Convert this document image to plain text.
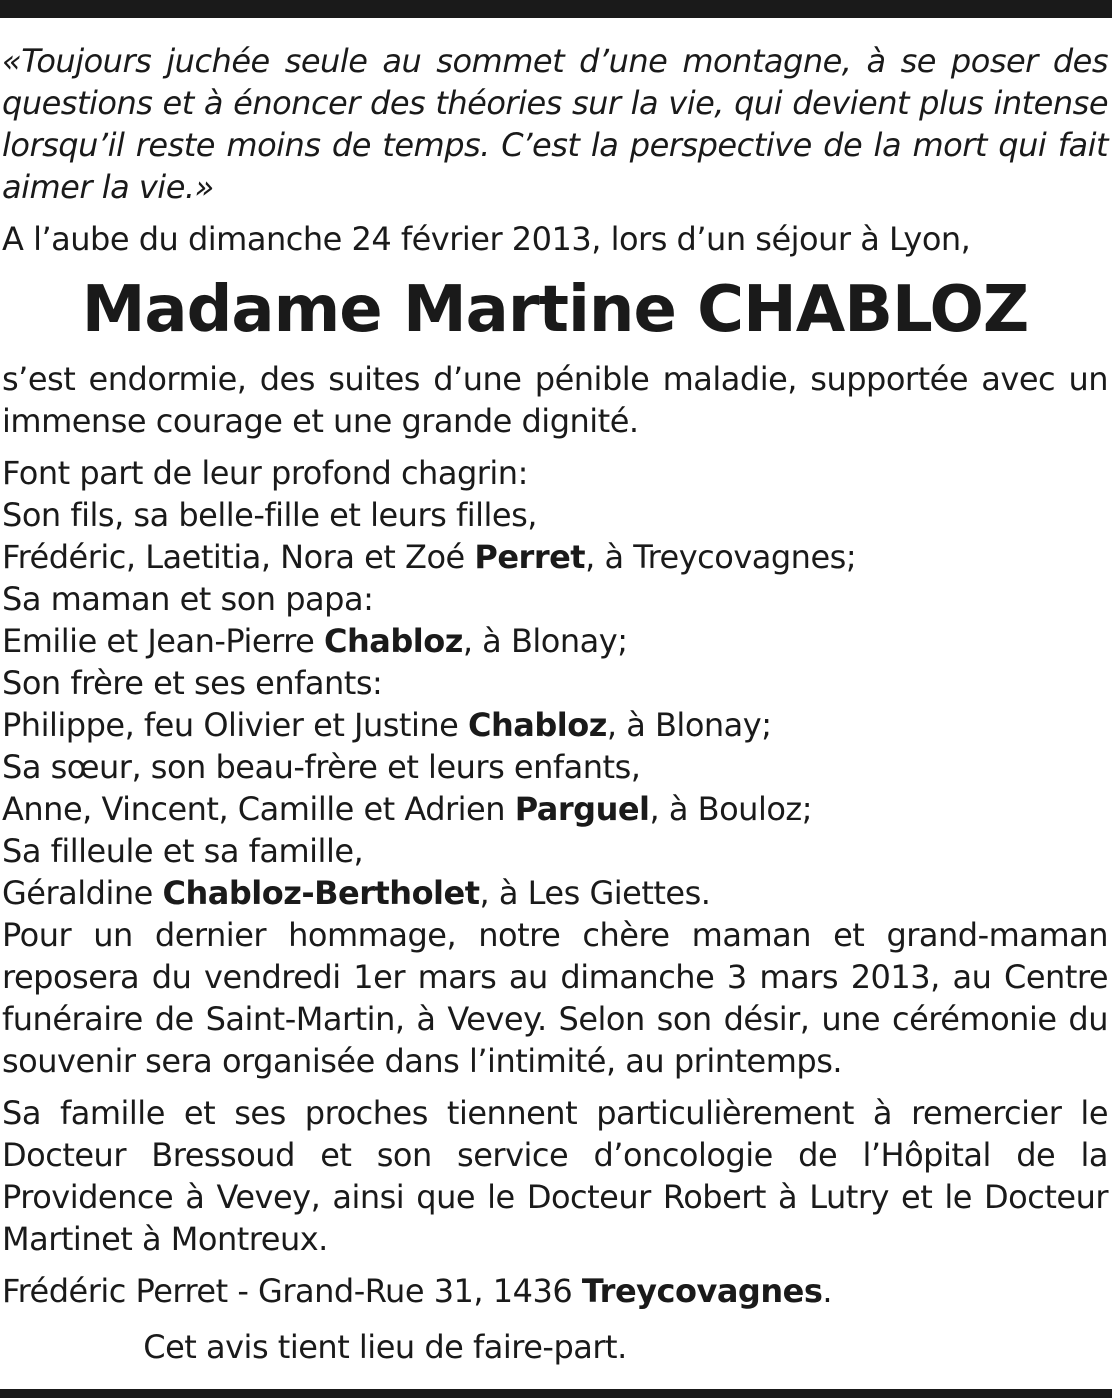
«Toujours juchée seule au sommet d’une montagne, à se poser des questions et à énoncer des théories sur la vie, qui devient plus intense lorsqu’il reste moins de temps. C’est la perspective de la mort qui fait aimer la vie.»

A l’aube du dimanche 24 février 2013, lors d’un séjour à Lyon,

Madame Martine CHABLOZ

s’est endormie, des suites d’une pénible maladie, supportée avec un immense courage et une grande dignité.

Font part de leur profond chagrin:

Son fils, sa belle-fille et leurs filles,

Frédéric, Laetitia, Nora et Zoé Perret, à Treycovagnes;

Sa maman et son papa:

Emilie et Jean-Pierre Chabloz, à Blonay;

Son frère et ses enfants:

Philippe, feu Olivier et Justine Chabloz, à Blonay;

Sa sœur, son beau-frère et leurs enfants,

Anne, Vincent, Camille et Adrien Parguel, à Bouloz;

Sa filleule et sa famille,

Géraldine Chabloz-Bertholet, à Les Giettes.

Pour un dernier hommage, notre chère maman et grand-maman reposera du vendredi 1er mars au dimanche 3 mars 2013, au Centre funéraire de Saint-Martin, à Vevey. Selon son désir, une cérémonie du souvenir sera organisée dans l’intimité, au printemps.

Sa famille et ses proches tiennent particulièrement à remercier le Docteur Bressoud et son service d’oncologie de l’Hôpital de la Providence à Vevey, ainsi que le Docteur Robert à Lutry et le Docteur Martinet à Montreux.

Frédéric Perret - Grand-Rue 31, 1436 Treycovagnes.

Cet avis tient lieu de faire-part.
